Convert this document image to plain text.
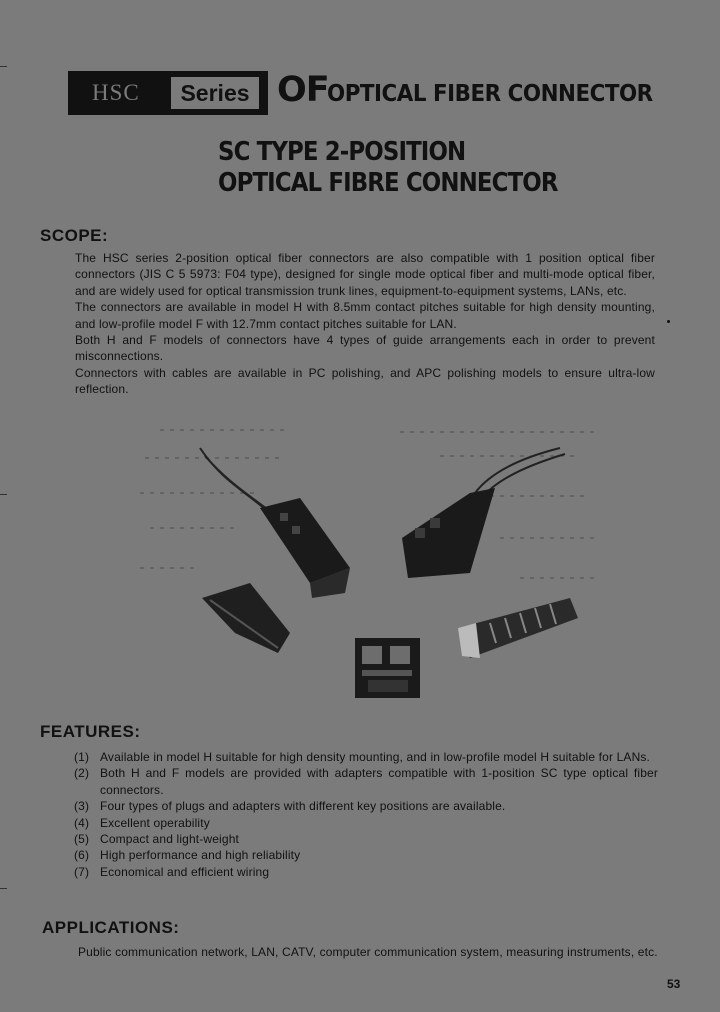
HSC	Series OF
OPTICAL FIBER CONNECTOR
SC TYPE 2-POSITION
OPTICAL FIBRE CONNECTOR
SCOPE:

The HSC series 2-position optical fiber connectors are also compatible with 1 position optical fiber connectors (JIS C 5 5973: F04 type), designed for single mode optical fiber and multi-mode optical fiber, and are widely used for optical transmission trunk lines, equipment-to-equipment systems, LANs, etc.

The connectors are available in model H with 8.5mm contact pitches suitable for high density mounting, and low-profile model F with 12.7mm contact pitches suitable for LAN.

Both H and F models of connectors have 4 types of guide arrangements each in order to prevent misconnections.

Connectors with cables are available in PC polishing, and APC polishing models to ensure ultra-low reflection.

FEATURES:
(1) Available in model H suitable for high density mounting, and in low-profile model H suitable for LANs.
(2) Both H and F models are provided with adapters compatible with 1-position SC type optical fiber connectors.
(3) Four types of plugs and adapters with different key positions are available.
(4) Excellent operability
(5) Compact and light-weight
(6) High performance and high reliability
(7) Economical and efficient wiring
APPLICATIONS:

Public communication network, LAN, CATV, computer communication system, measuring instruments, etc.

53
